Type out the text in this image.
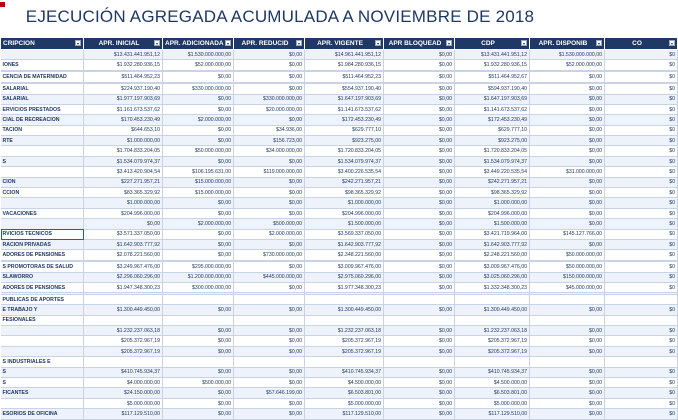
EJECUCIÓN AGREGADA ACUMULADA A NOVIEMBRE DE 2018
CRIPCION	APR. INICIAL	APR. ADICIONADA	APR. REDUCID	APR. VIGENTE	APR BLOQUEAD	CDP	APR. DISPONIB	CO

	$13.431.441.951,12	$1.530.000.000,00	$0,00	$14.961.441.951,12	$0,00	$13.431.441.951,12	$1.530.000.000,00	$0
IONES	$1.932.280.936,15	$52.000.000,00	$0,00	$1.984.280.936,15	$0,00	$1.932.280.936,15	$52.000.000,00	$0

CENCIA DE MATERNIDAD	$511.464.952,23	$0,00	$0,00	$511.464.952,23	$0,00	$511.464.952,67	$0,00	$0

SALARIAL	$224.937.190,40	$330.000.000,00	$0,00	$554.937.190,40	$0,00	$594.937.190,40	$0,00	$0
SALARIAL	$1.977.197.903,69	$0,00	$330.000.000,00	$1.647.197.903,69	$0,00	$1.647.197.903,69	$0,00	$0
ERVICIOS PRESTADOS	$1.161.673.537,62	$0,00	$20.000.000,00	$1.141.673.537,62	$0,00	$1.141.673.537,62	$0,00	$0
CIAL DE RECREACION	$170.453.230,49	$2.000.000,00	$0,00	$172.453.230,49	$0,00	$172.453.230,49	$0,00	$0
TACION	$644.653,10	$0,00	$34.936,00	$629.777,10	$0,00	$629.777,10	$0,00	$0
RTE	$1.000.000,00	$0,00	$156.723,00	$923.275,00	$0,00	$923.275,00	$0,00	$0
	$1.704.833.204,05	$50.000.000,00	$34.000.000,00	$1.720.833.204,05	$0,00	$1.720.833.204,05	$0,00	$0
S	$1.534.079.974,37	$0,00	$0,00	$1.534.079.974,37	$0,00	$1.534.079.974,37	$0,00	$0
	$3.413.420.904,54	$106.195.631,00	$119.000.000,00	$3.400.226.535,54	$0,00	$3.449.220.535,54	$31.000.000,00	$0
CION	$227.271.957,21	$15.000.000,00	$0,00	$242.271.957,21	$0,00	$242.271.957,21	$0,00	$0
CCION	$83.365.329,92	$15.000.000,00	$0,00	$98.365.329,92	$0,00	$98.365.329,92	$0,00	$0
	$1.000.000,00	$0,00	$0,00	$1.000.000,00	$0,00	$1.000.000,00	$0,00	$0
VACACIONES	$204.996.000,00	$0,00	$0,00	$204.996.000,00	$0,00	$204.996.000,00	$0,00	$0
	$0,00	$2.000.000,00	$500.000,00	$1.500.000,00	$0,00	$1.500.000,00	$0,00	$0
RVICIOS TECNICOS	$3.571.337.050,00	$0,00	$2.000.000,00	$3.569.337.050,00	$0,00	$3.421.719.964,00	$145.127.766,00	$0
RACION PRIVADAS	$1.642.903.777,92	$0,00	$0,00	$1.642.903.777,92	$0,00	$1.642.903.777,92	$0,00	$0
ADORES DE PENSIONES	$2.078.221.560,00	$0,00	$730.000.000,00	$2.348.221.560,00	$0,00	$2.248.221.560,00	$50.000.000,00	$0

S PROMOTORAS DE SALUD	$3.249.967.476,00	$295.000.000,00	$0,00	$3.009.967.476,00	$0,00	$3.009.967.476,00	$50.000.000,00	$0
SLAWORRO	$2.296.060.296,00	$1.200.000.000,00	$445.000.000,00	$2.975.060.296,00	$0,00	$3.025.060.296,00	$150.000.000,00	$0
ADORES DE PENSIONES	$1.947.348.300,23	$300.000.000,00	$0,00	$1.977.348.300,23	$0,00	$1.332.348.300,23	$45.000.000,00	$0

PUBLICAS DE APORTES								
E TRABAJO Y	$1.300.449.450,00	$0,00	$0,00	$1.300.449.450,00	$0,00	$1.300.449.450,00	$0,00	$0
FESIONALES								
	$1.232.237.063,18	$0,00	$0,00	$1.232.237.063,18	$0,00	$1.232.237.063,18	$0,00	$0
	$205.372.967,19	$0,00	$0,00	$205.372.967,19	$0,00	$205.372.967,19	$0,00	$0
	$205.372.967,19	$0,00	$0,00	$205.372.967,19	$0,00	$205.372.967,19	$0,00	$0
S INDUSTRIALES E								
S	$410.745.934,37	$0,00	$0,00	$410.745.934,37	$0,00	$410.745.934,37	$0,00	$0
S	$4.000.000,00	$500.000,00	$0,00	$4.500.000,00	$0,00	$4.500.000,00	$0,00	$0
FICANTES	$24.150.000,00	$0,00	$57.646.199,00	$6.503.801,00	$0,00	$6.503.801,00	$0,00	$0
	$5.000.000,00	$0,00	$0,00	$5.000.000,00	$0,00	$5.000.000,00	$0,00	$0
ESORIOS DE OFICINA	$117.129.510,00	$0,00	$0,00	$117.129.510,00	$0,00	$117.129.510,00	$0,00	$0
